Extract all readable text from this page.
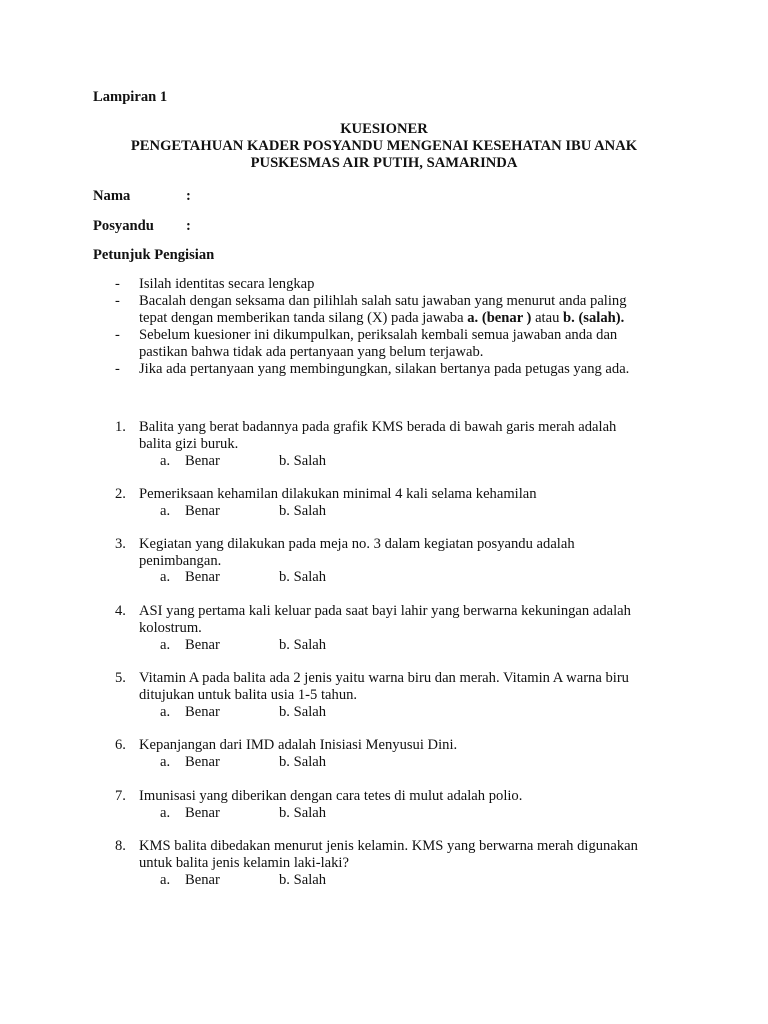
Lampiran 1
KUESIONER
PENGETAHUAN KADER POSYANDU MENGENAI KESEHATAN IBU ANAK
PUSKESMAS AIR PUTIH, SAMARINDA
Nama	:
Posyandu :
Petunjuk Pengisian
- Isilah identitas secara lengkap
- Bacalah dengan seksama dan pilihlah salah satu jawaban yang menurut anda paling
tepat dengan memberikan tanda silang (X) pada jawaba a. (benar ) atau b. (salah).
- Sebelum kuesioner ini dikumpulkan, periksalah kembali semua jawaban anda dan
pastikan bahwa tidak ada pertanyaan yang belum terjawab.
- Jika ada pertanyaan yang membingungkan, silakan bertanya pada petugas yang ada.
1. Balita yang berat badannya pada grafik KMS berada di bawah garis merah adalah
balita gizi buruk.
a. Benar	b. Salah
2. Pemeriksaan kehamilan dilakukan minimal 4 kali selama kehamilan
a. Benar	b. Salah
3. Kegiatan yang dilakukan pada meja no. 3 dalam kegiatan posyandu adalah
penimbangan.
a. Benar	b. Salah
4. ASI yang pertama kali keluar pada saat bayi lahir yang berwarna kekuningan adalah
kolostrum.
a. Benar	b. Salah
5. Vitamin A pada balita ada 2 jenis yaitu warna biru dan merah. Vitamin A warna biru
ditujukan untuk balita usia 1-5 tahun.
a. Benar	b. Salah
6. Kepanjangan dari IMD adalah Inisiasi Menyusui Dini.
a. Benar	b. Salah
7. Imunisasi yang diberikan dengan cara tetes di mulut adalah polio.
a. Benar	b. Salah
8. KMS balita dibedakan menurut jenis kelamin. KMS yang berwarna merah digunakan
untuk balita jenis kelamin laki-laki?
a. Benar	b. Salah
